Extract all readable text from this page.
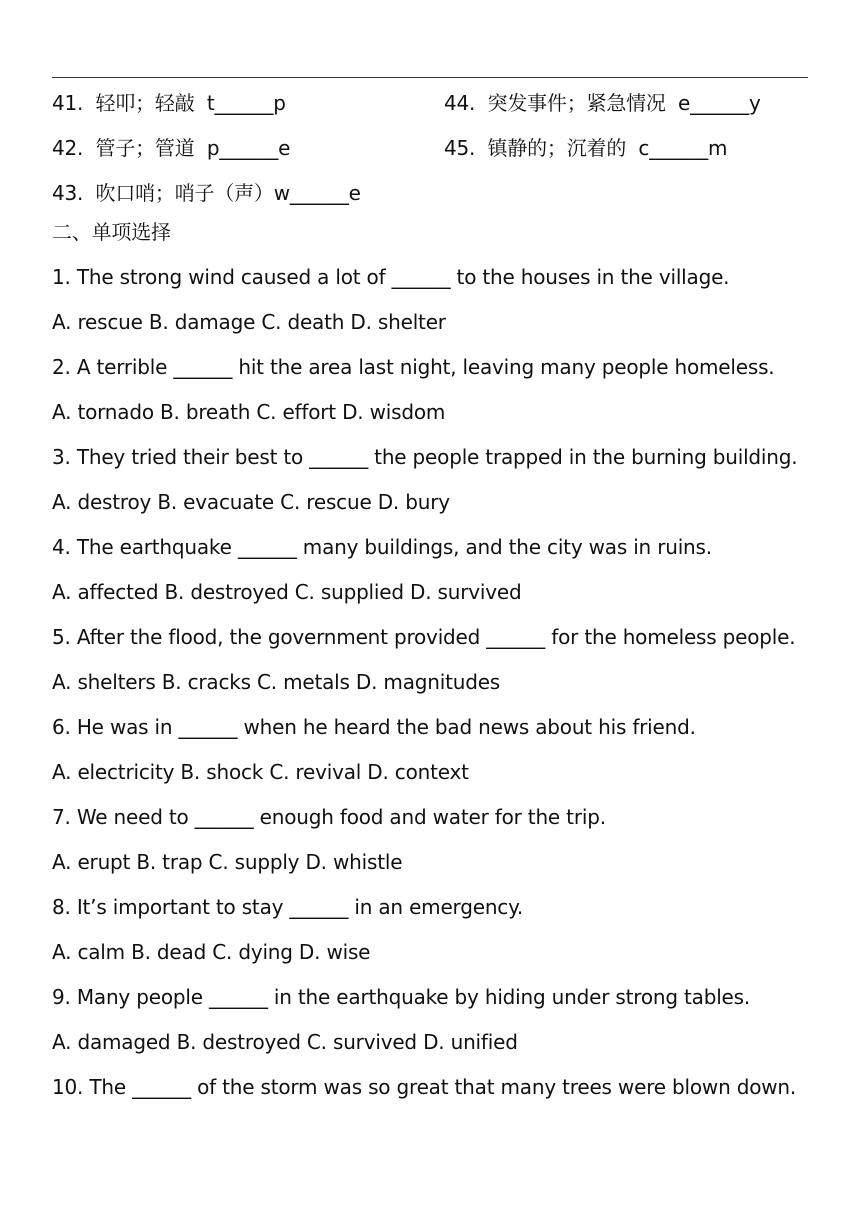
41.  轻叩；轻敲  t______p	44.  突发事件；紧急情况  e______y
42.  管子；管道  p______e	45.  镇静的；沉着的  c______m
43.  吹口哨；哨子（声）w______e
二、单项选择
1. The strong wind caused a lot of ______ to the houses in the village.
A. rescue B. damage C. death D. shelter
2. A terrible ______ hit the area last night, leaving many people homeless.
A. tornado B. breath C. effort D. wisdom
3. They tried their best to ______ the people trapped in the burning building.
A. destroy B. evacuate C. rescue D. bury
4. The earthquake ______ many buildings, and the city was in ruins.
A. affected B. destroyed C. supplied D. survived
5. After the flood, the government provided ______ for the homeless people.
A. shelters B. cracks C. metals D. magnitudes
6. He was in ______ when he heard the bad news about his friend.
A. electricity B. shock C. revival D. context
7. We need to ______ enough food and water for the trip.
A. erupt B. trap C. supply D. whistle
8. It’s important to stay ______ in an emergency.
A. calm B. dead C. dying D. wise
9. Many people ______ in the earthquake by hiding under strong tables.
A. damaged B. destroyed C. survived D. unified
10. The ______ of the storm was so great that many trees were blown down.
